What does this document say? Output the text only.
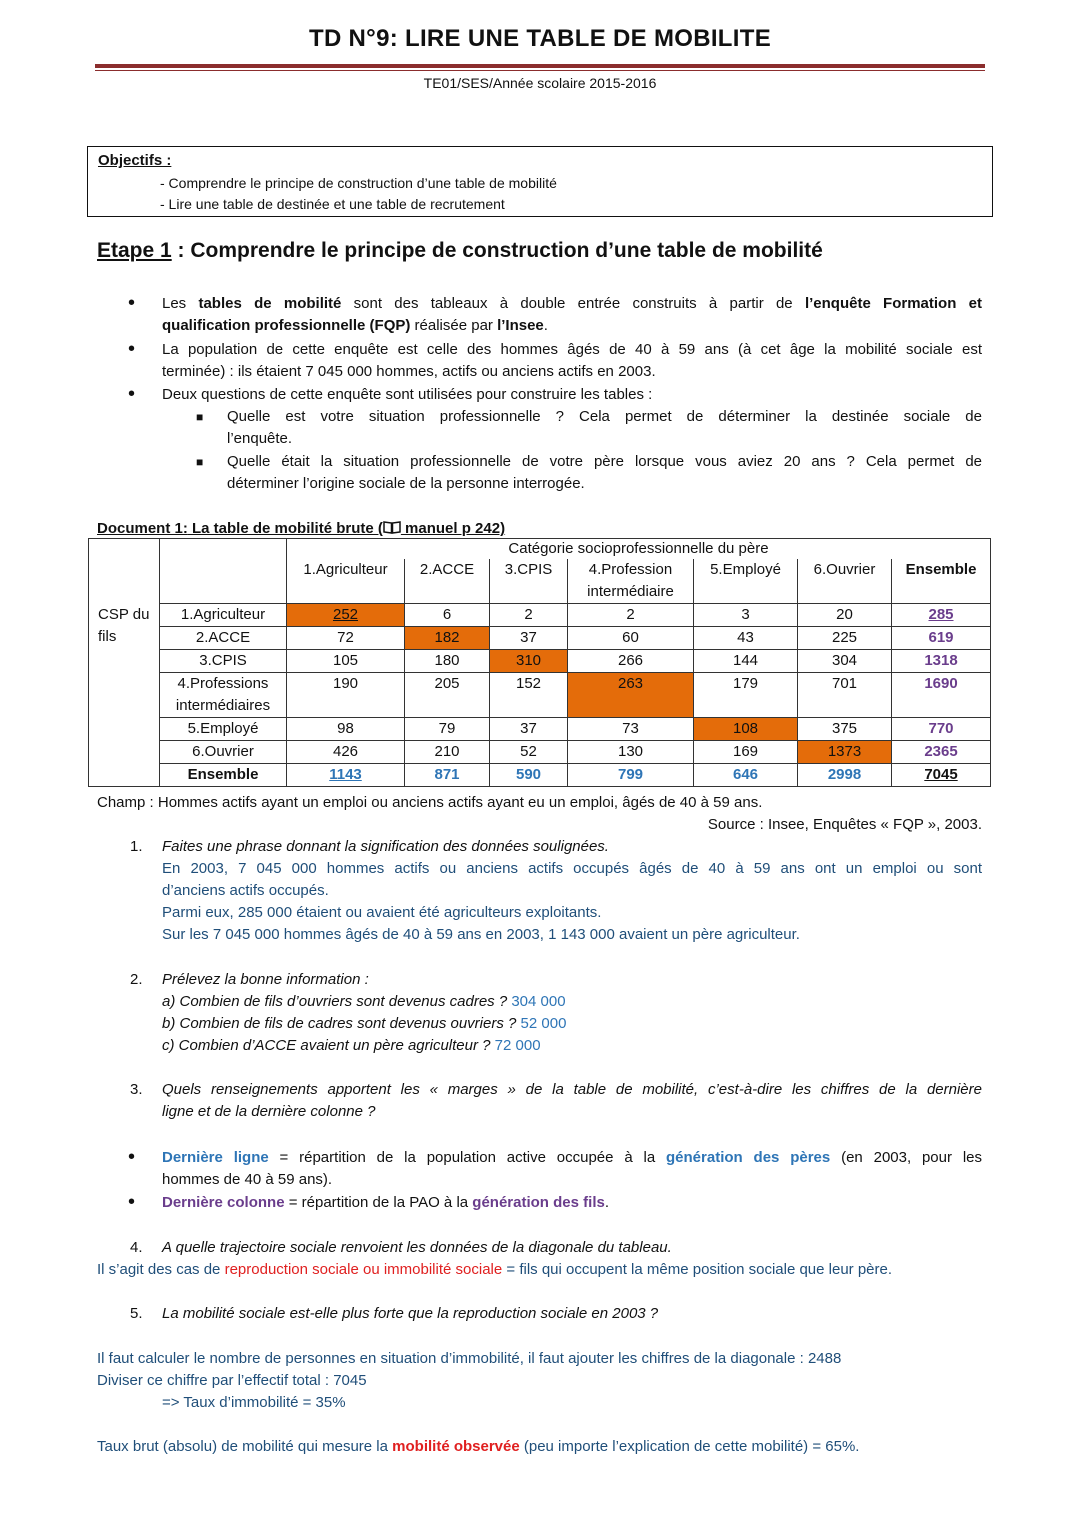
TD N°9: LIRE UNE TABLE DE MOBILITE
TE01/SES/Année scolaire 2015-2016
Objectifs :
- Comprendre le principe de construction d’une table de mobilité
- Lire une table de destinée et une table de recrutement
Etape 1 : Comprendre le principe de construction d’une table de mobilité
• Les tables de mobilité sont des tableaux à double entrée construits à partir de l’enquête Formation et
qualification professionnelle (FQP) réalisée par l’Insee.
• La population de cette enquête est celle des hommes âgés de 40 à 59 ans (à cet âge la mobilité sociale est
terminée) : ils étaient 7 045 000 hommes, actifs ou anciens actifs en 2003.
• Deux questions de cette enquête sont utilisées pour construire les tables :
■ Quelle est votre situation professionnelle ? Cela permet de déterminer la destinée sociale de
l’enquête.
■ Quelle était la situation professionnelle de votre père lorsque vous aviez 20 ans ? Cela permet de
déterminer l’origine sociale de la personne interrogée.
Document 1: La table de mobilité brute ( manuel p 242)
		Catégorie socioprofessionnelle du père						
		1.Agriculteur	2.ACCE	3.CPIS	4.Profession intermédiaire	5.Employé	6.Ouvrier	Ensemble

CSP du
fils	1.Agriculteur	252	6	2	2	3	20	285
	2.ACCE	72	182	37	60	43	225	619
	3.CPIS	105	180	310	266	144	304	1318
	4.Professions intermédiaires	190	205	152	263	179	701	1690
	5.Employé	98	79	37	73	108	375	770
	6.Ouvrier	426	210	52	130	169	1373	2365
	Ensemble	1143	871	590	799	646	2998	7045
Champ : Hommes actifs ayant un emploi ou anciens actifs ayant eu un emploi, âgés de 40 à 59 ans.
Source : Insee, Enquêtes « FQP », 2003.
1. Faites une phrase donnant la signification des données soulignées.
En 2003, 7 045 000 hommes actifs ou anciens actifs occupés âgés de 40 à 59 ans ont un emploi ou sont
d’anciens actifs occupés.
Parmi eux, 285 000 étaient ou avaient été agriculteurs exploitants.
Sur les 7 045 000 hommes âgés de 40 à 59 ans en 2003, 1 143 000 avaient un père agriculteur.
2. Prélevez la bonne information :
a) Combien de fils d’ouvriers sont devenus cadres ? 304 000
b) Combien de fils de cadres sont devenus ouvriers ? 52 000
c) Combien d’ACCE avaient un père agriculteur ? 72 000
3. Quels renseignements apportent les « marges » de la table de mobilité, c’est-à-dire les chiffres de la dernière
ligne et de la dernière colonne ?
• Dernière ligne = répartition de la population active occupée à la génération des pères (en 2003, pour les
hommes de 40 à 59 ans).
• Dernière colonne = répartition de la PAO à la génération des fils.
4. A quelle trajectoire sociale renvoient les données de la diagonale du tableau.
Il s’agit des cas de reproduction sociale ou immobilité sociale = fils qui occupent la même position sociale que leur père.
5. La mobilité sociale est-elle plus forte que la reproduction sociale en 2003 ?
Il faut calculer le nombre de personnes en situation d’immobilité, il faut ajouter les chiffres de la diagonale : 2488
Diviser ce chiffre par l’effectif total : 7045
=> Taux d’immobilité = 35%
Taux brut (absolu) de mobilité qui mesure la mobilité observée (peu importe l’explication de cette mobilité) = 65%.
